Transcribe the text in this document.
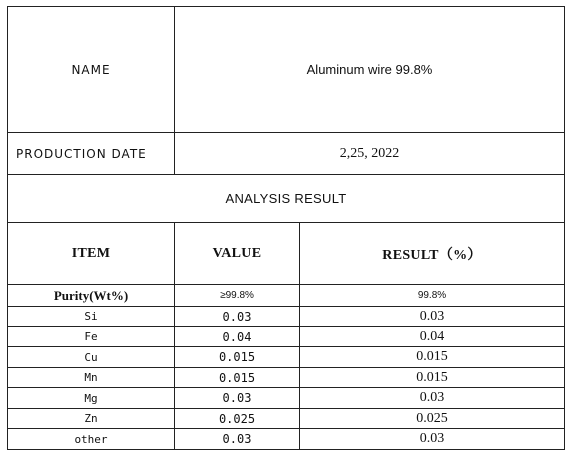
NAME	Aluminum wire 99.8%	
PRODUCTION DATE	2,25, 2022	
ANALYSIS RESULT		
ITEM	VALUE	RESULT（%）
Purity(Wt%)	≥99.8%	99.8%
Si	0.03	0.03
Fe	0.04	0.04
Cu	0.015	0.015
Mn	0.015	0.015
Mg	0.03	0.03
Zn	0.025	0.025
other	0.03	0.03
